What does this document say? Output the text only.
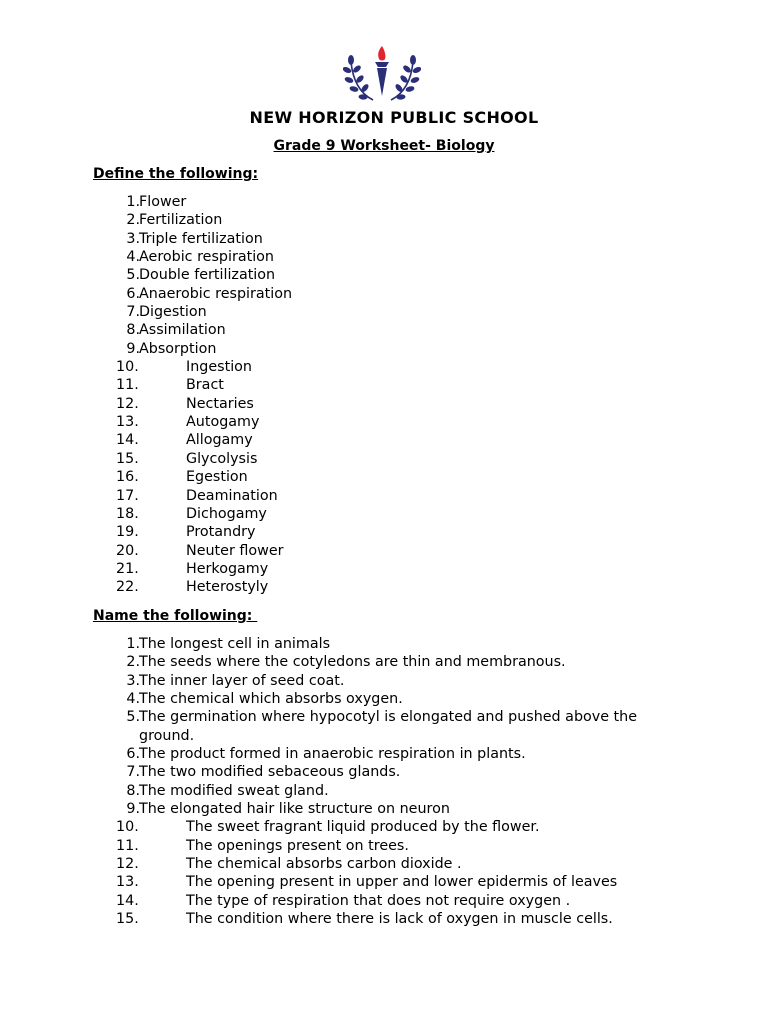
NEW HORIZON PUBLIC SCHOOL
Grade 9 Worksheet- Biology
Define the following:
1. Flower
2. Fertilization
3. Triple fertilization
4. Aerobic respiration
5. Double fertilization
6. Anaerobic respiration
7. Digestion
8. Assimilation
9. Absorption
10.	Ingestion
11.	Bract
12.	Nectaries
13.	Autogamy
14.	Allogamy
15.	Glycolysis
16.	Egestion
17.	Deamination
18.	Dichogamy
19.	Protandry
20.	Neuter flower
21.	Herkogamy
22.	Heterostyly
Name the following:
1. The longest cell in animals
2. The seeds where the cotyledons are thin and membranous.
3. The inner layer of seed coat.
4. The chemical which absorbs oxygen.
5. The germination where hypocotyl is elongated and pushed above the ground.
6. The product formed in anaerobic respiration in plants.
7. The two modified sebaceous glands.
8. The modified sweat gland.
9. The elongated hair like structure on neuron
10.	The sweet fragrant liquid produced by the flower.
11.	The openings present on trees.
12.	The chemical absorbs carbon dioxide .
13.	The opening present in upper and lower epidermis of leaves
14.	The type of respiration that does not require oxygen .
15.	The condition where there is lack of oxygen in muscle cells.
